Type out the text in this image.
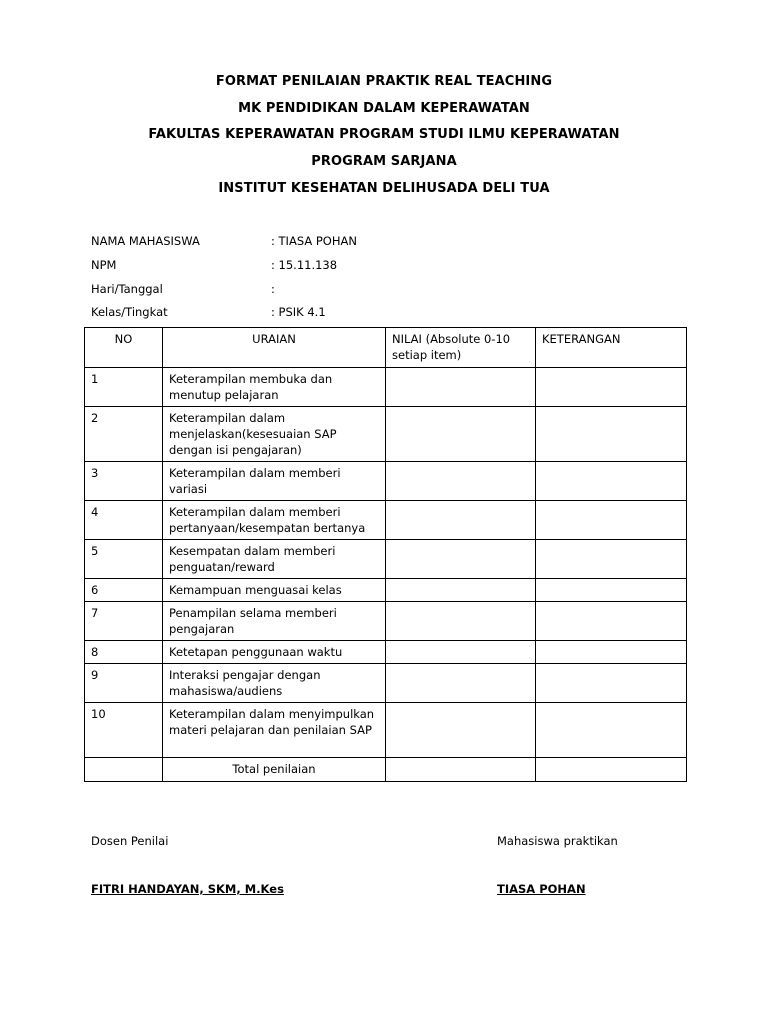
FORMAT PENILAIAN PRAKTIK REAL TEACHING
MK PENDIDIKAN DALAM KEPERAWATAN
FAKULTAS KEPERAWATAN PROGRAM STUDI ILMU KEPERAWATAN
PROGRAM SARJANA
INSTITUT KESEHATAN DELIHUSADA DELI TUA
NAMA MAHASISWA	: TIASA POHAN
NPM	: 15.11.138
Hari/Tanggal	:
Kelas/Tingkat	: PSIK 4.1
NO	URAIAN	NILAI (Absolute 0-10 setiap item)	KETERANGAN
1	Keterampilan membuka dan menutup pelajaran		
2	Keterampilan dalam menjelaskan(kesesuaian SAP dengan isi pengajaran)		
3	Keterampilan dalam memberi variasi		
4	Keterampilan dalam memberi pertanyaan/kesempatan bertanya		
5	Kesempatan dalam memberi penguatan/reward		
6	Kemampuan menguasai kelas		
7	Penampilan selama memberi pengajaran		
8	Ketetapan penggunaan waktu		
9	Interaksi pengajar dengan mahasiswa/audiens		
10	Keterampilan dalam menyimpulkan materi pelajaran dan penilaian SAP		
	Total penilaian		
Dosen Penilai
FITRI HANDAYAN, SKM, M.Kes
Mahasiswa praktikan
TIASA POHAN
